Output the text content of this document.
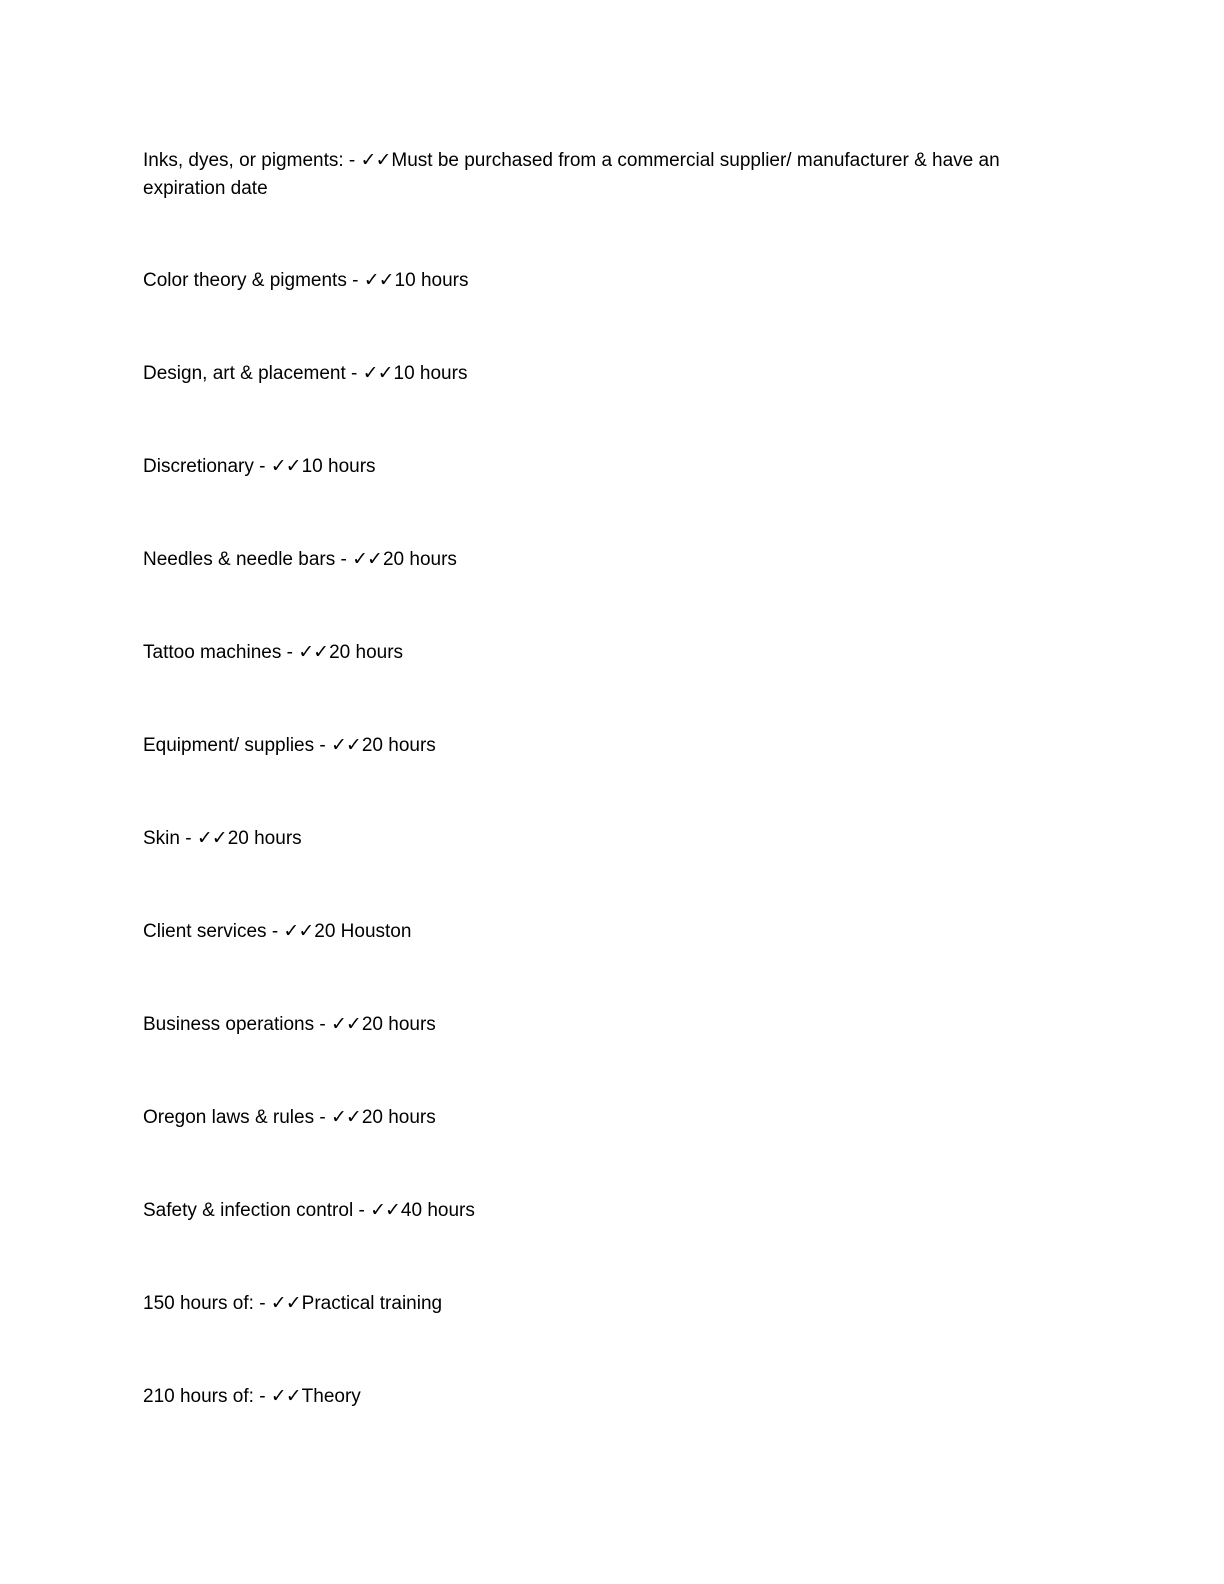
Inks, dyes, or pigments: - ✓✓Must be purchased from a commercial supplier/ manufacturer & have an expiration date
Color theory & pigments - ✓✓10 hours
Design, art & placement - ✓✓10 hours
Discretionary - ✓✓10 hours
Needles & needle bars - ✓✓20 hours
Tattoo machines - ✓✓20 hours
Equipment/ supplies - ✓✓20 hours
Skin - ✓✓20 hours
Client services - ✓✓20 Houston
Business operations - ✓✓20 hours
Oregon laws & rules - ✓✓20 hours
Safety & infection control - ✓✓40 hours
150 hours of: - ✓✓Practical training
210 hours of: - ✓✓Theory
